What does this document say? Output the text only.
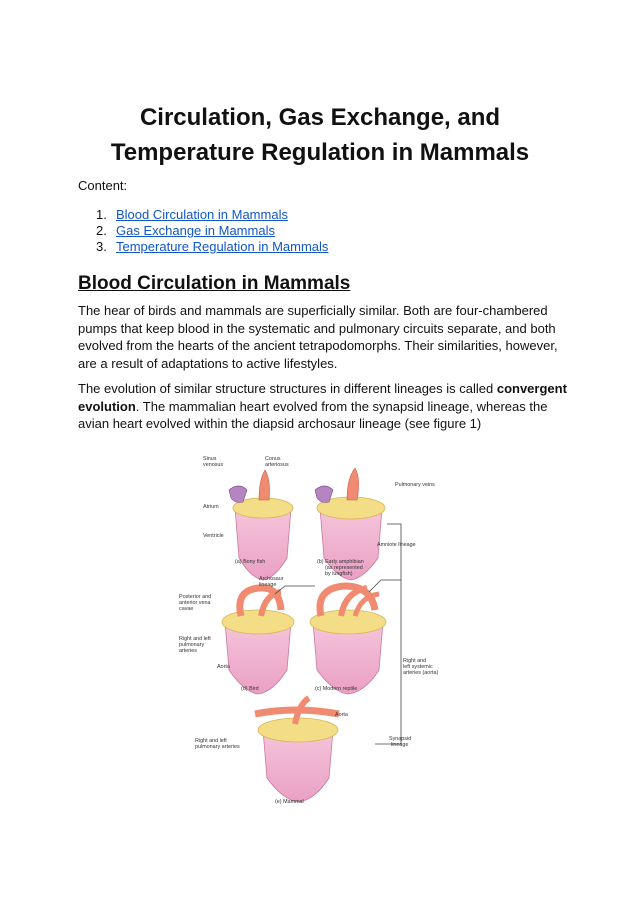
Circulation, Gas Exchange, and Temperature Regulation in Mammals
Content:
1. Blood Circulation in Mammals
2. Gas Exchange in Mammals
3. Temperature Regulation in Mammals
Blood Circulation in Mammals

The hear of birds and mammals are superficially similar. Both are four-chambered pumps that keep blood in the systematic and pulmonary circuits separate, and both evolved from the hearts of the ancient tetrapodomorphs. Their similarities, however, are a result of adaptations to active lifestyles.

The evolution of similar structure structures in different lineages is called convergent evolution. The mammalian heart evolved from the synapsid lineage, whereas the avian heart evolved within the diapsid archosaur lineage (see figure 1)

Sinus
venosus
Conus
arteriosus
Atrium
Ventricle
Pulmonary veins
Amniote lineage
(a) Bony fish	(b) Early amphibian
(as represented
by lungfish)
Archosaur
lineage
Posterior and
anterior vena
cavae
Right and left
pulmonary
arteries
Aorta
Right and
left systemic
arteries (aorta)
(d) Bird	(c) Modern reptile
Aorta
Synapsid
lineage
Right and left
pulmonary arteries
(e) Mammal
